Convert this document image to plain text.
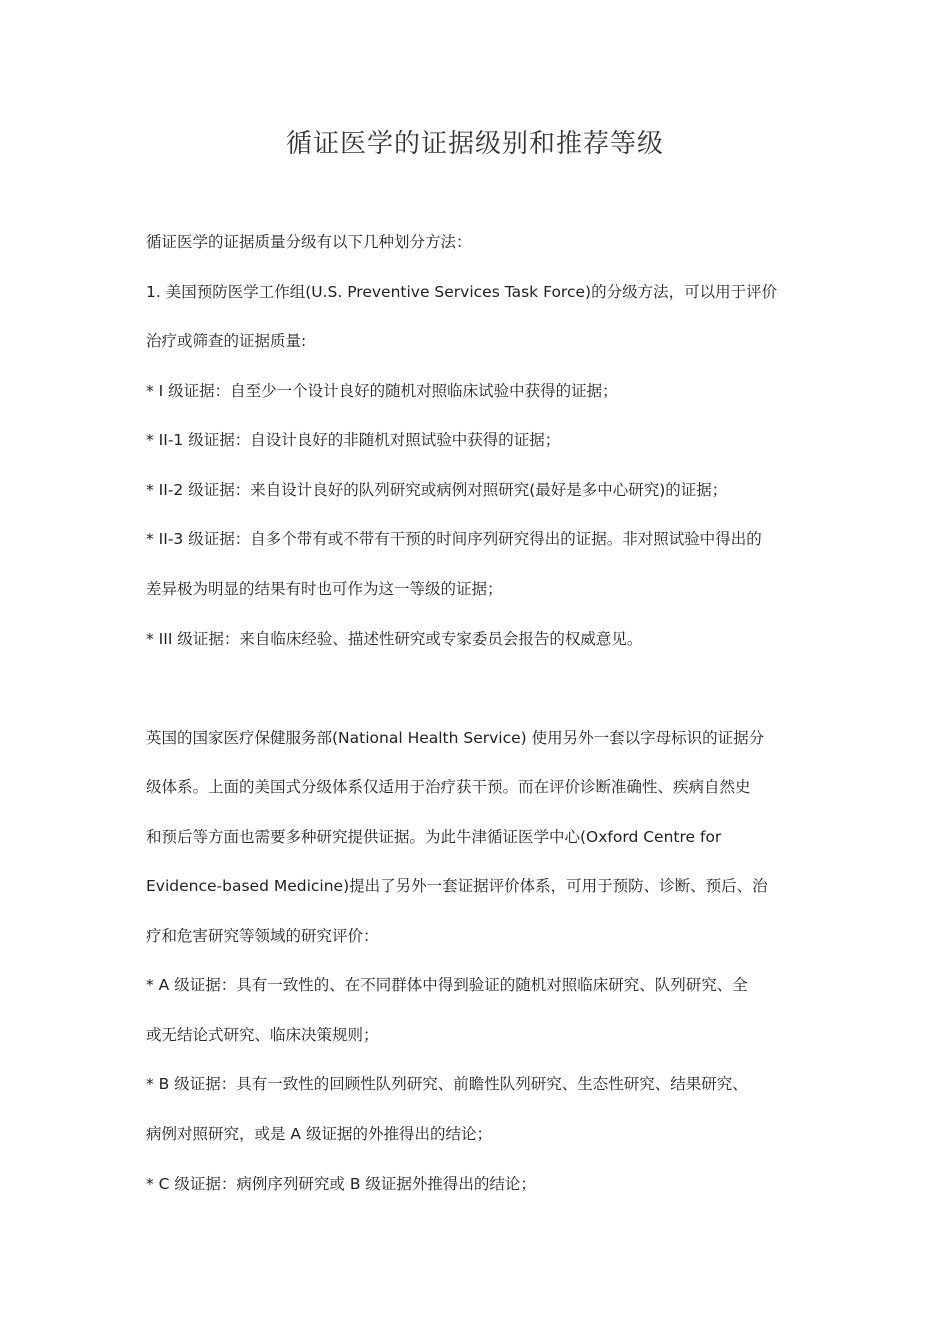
循证医学的证据级别和推荐等级

循证医学的证据质量分级有以下几种划分方法：

1. 美国预防医学工作组(U.S. Preventive Services Task Force)的分级方法，可以用于评价

治疗或筛查的证据质量:

* I 级证据：自至少一个设计良好的随机对照临床试验中获得的证据；

* II-1 级证据：自设计良好的非随机对照试验中获得的证据；

* II-2 级证据：来自设计良好的队列研究或病例对照研究(最好是多中心研究)的证据；

* II-3 级证据：自多个带有或不带有干预的时间序列研究得出的证据。非对照试验中得出的

差异极为明显的结果有时也可作为这一等级的证据；

* III 级证据：来自临床经验、描述性研究或专家委员会报告的权威意见。

英国的国家医疗保健服务部(National Health Service) 使用另外一套以字母标识的证据分

级体系。上面的美国式分级体系仅适用于治疗获干预。而在评价诊断准确性、疾病自然史

和预后等方面也需要多种研究提供证据。为此牛津循证医学中心(Oxford Centre for

Evidence-based Medicine)提出了另外一套证据评价体系，可用于预防、诊断、预后、治

疗和危害研究等领域的研究评价：

* A 级证据：具有一致性的、在不同群体中得到验证的随机对照临床研究、队列研究、全

或无结论式研究、临床决策规则；

* B 级证据：具有一致性的回顾性队列研究、前瞻性队列研究、生态性研究、结果研究、

病例对照研究，或是 A 级证据的外推得出的结论；

* C 级证据：病例序列研究或 B 级证据外推得出的结论；
